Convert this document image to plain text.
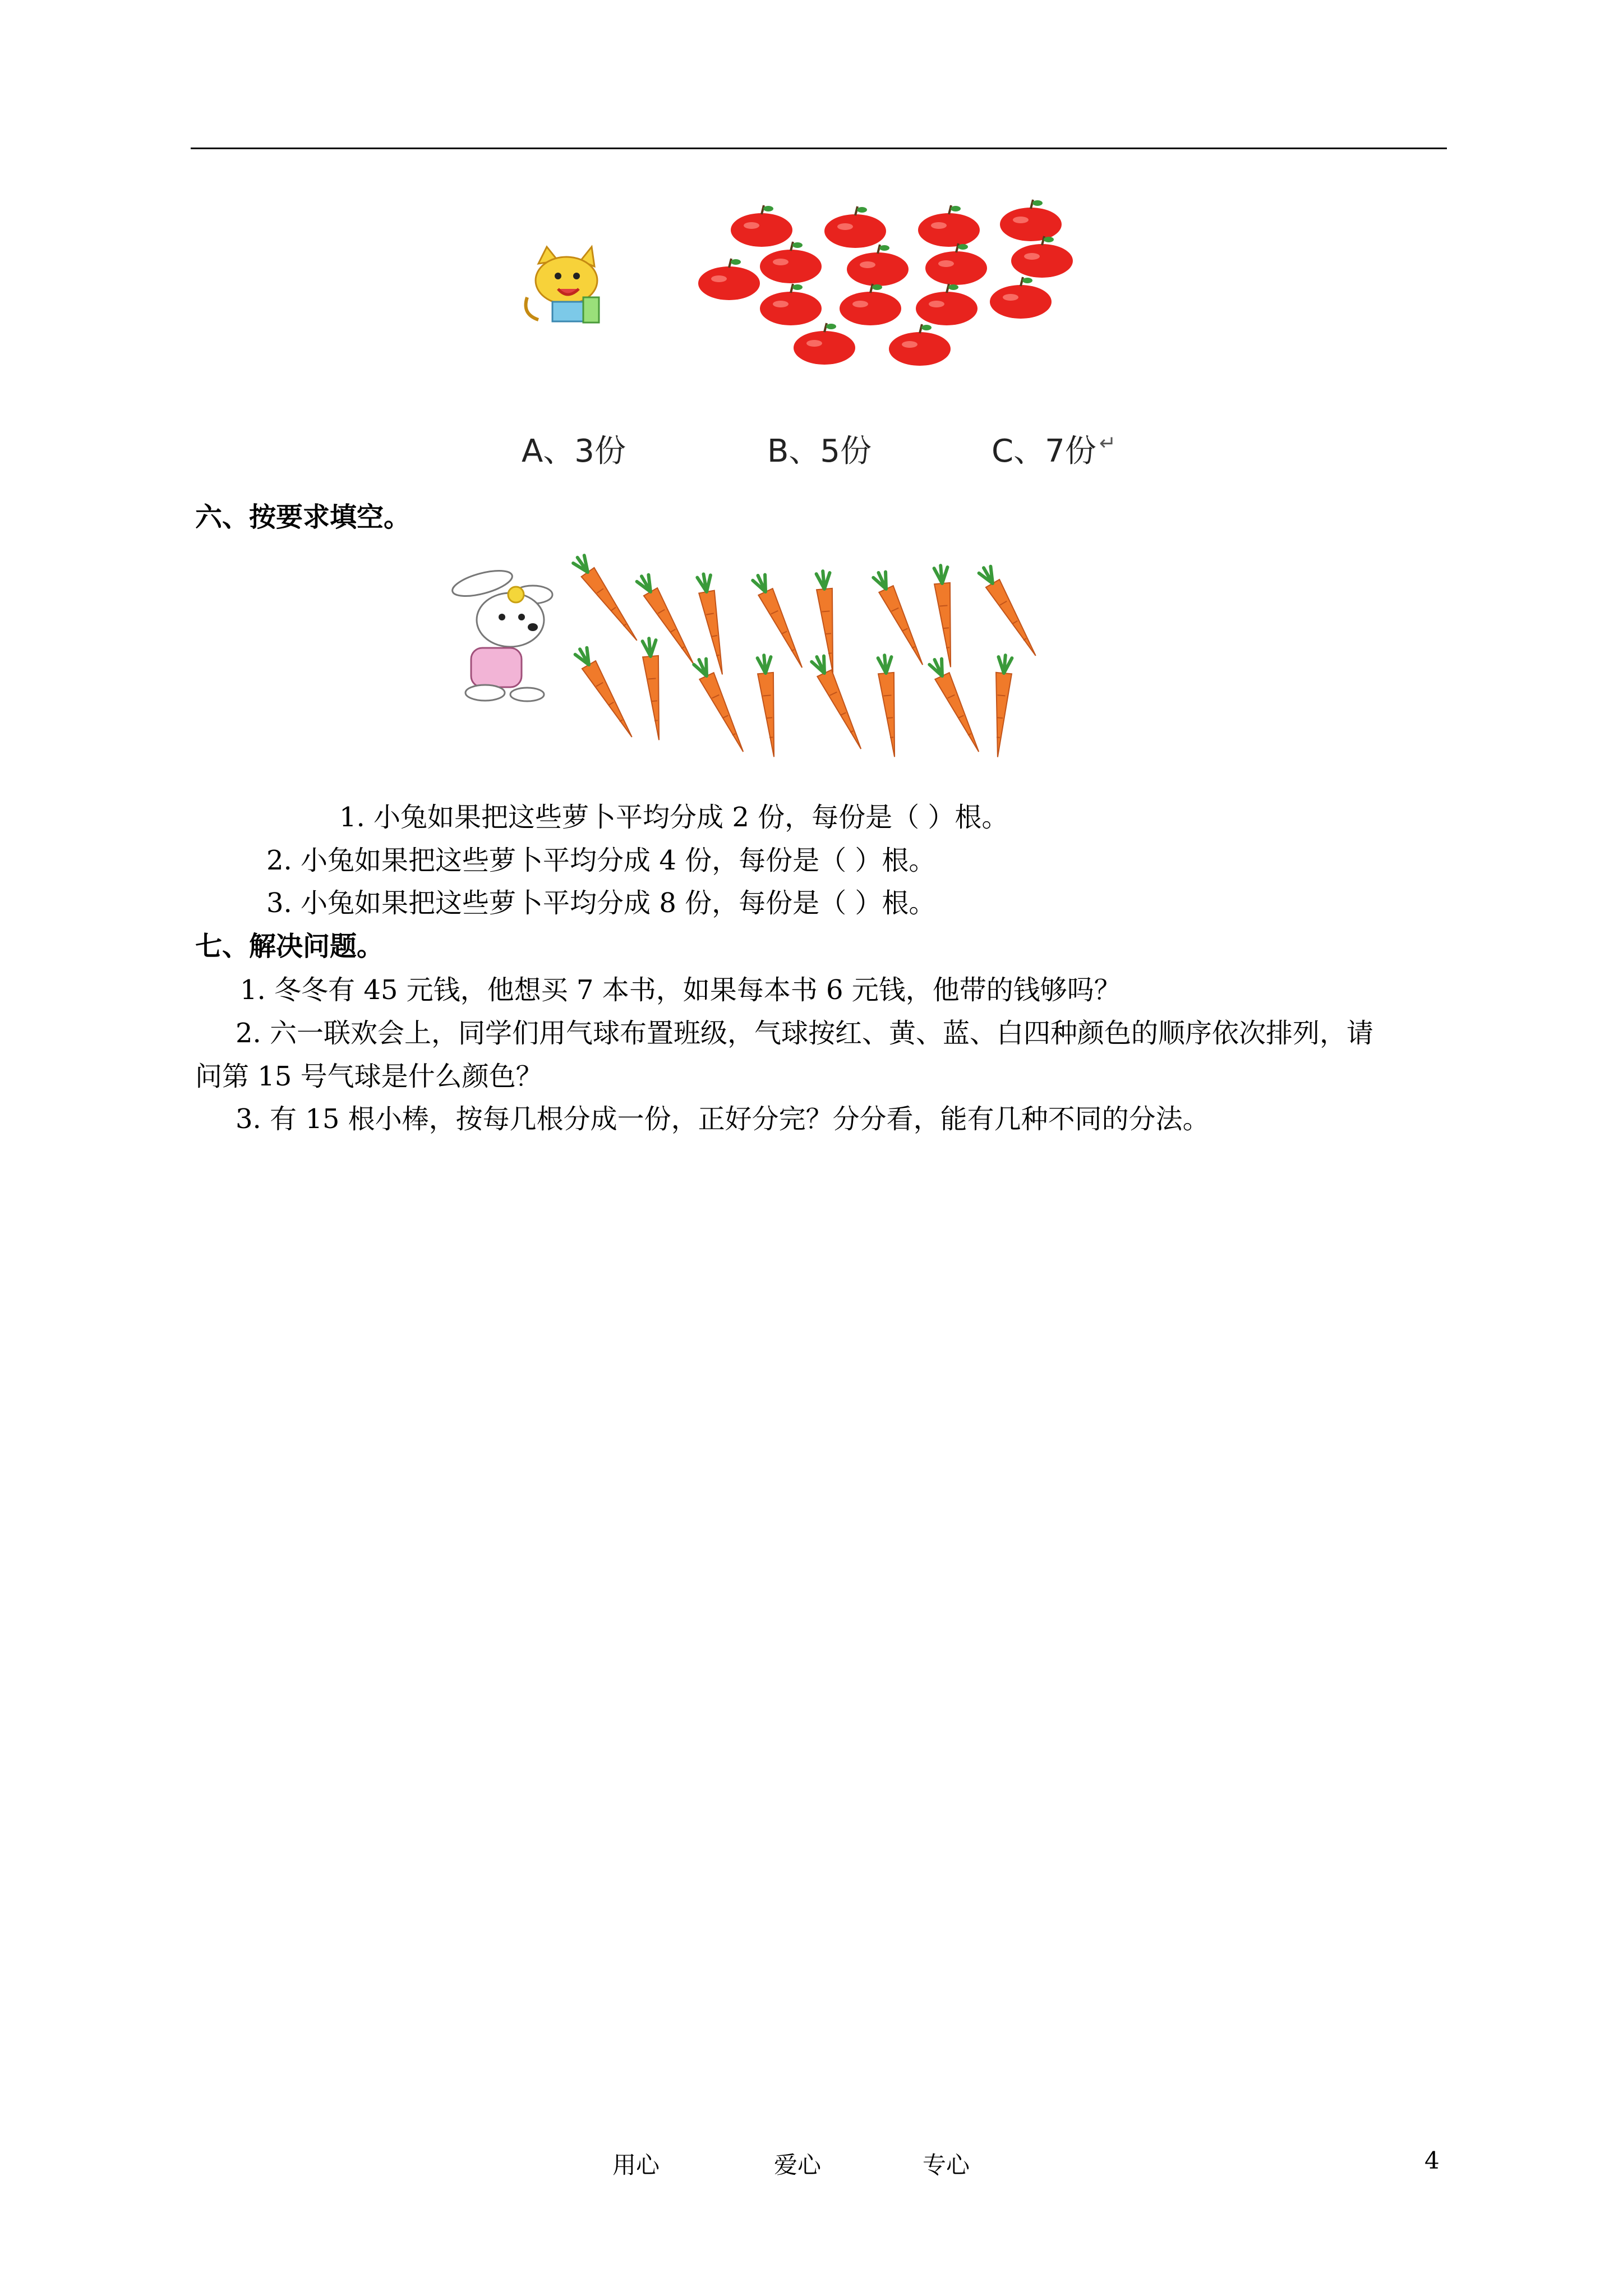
A、3份	B、5份	C、7份 ↵
六、按要求填空。
1. 小兔如果把这些萝卜平均分成 2 份，每份是（ ）根。
2. 小兔如果把这些萝卜平均分成 4 份，每份是（ ）根。
3. 小兔如果把这些萝卜平均分成 8 份，每份是（ ）根。
七、解决问题。
1. 冬冬有 45 元钱，他想买 7 本书，如果每本书 6 元钱，他带的钱够吗？
2. 六一联欢会上，同学们用气球布置班级，气球按红、黄、蓝、白四种颜色的顺序依次排列，请
问第 15 号气球是什么颜色？
3. 有 15 根小棒，按每几根分成一份，正好分完？分分看，能有几种不同的分法。
用心	爱心	专心	4
